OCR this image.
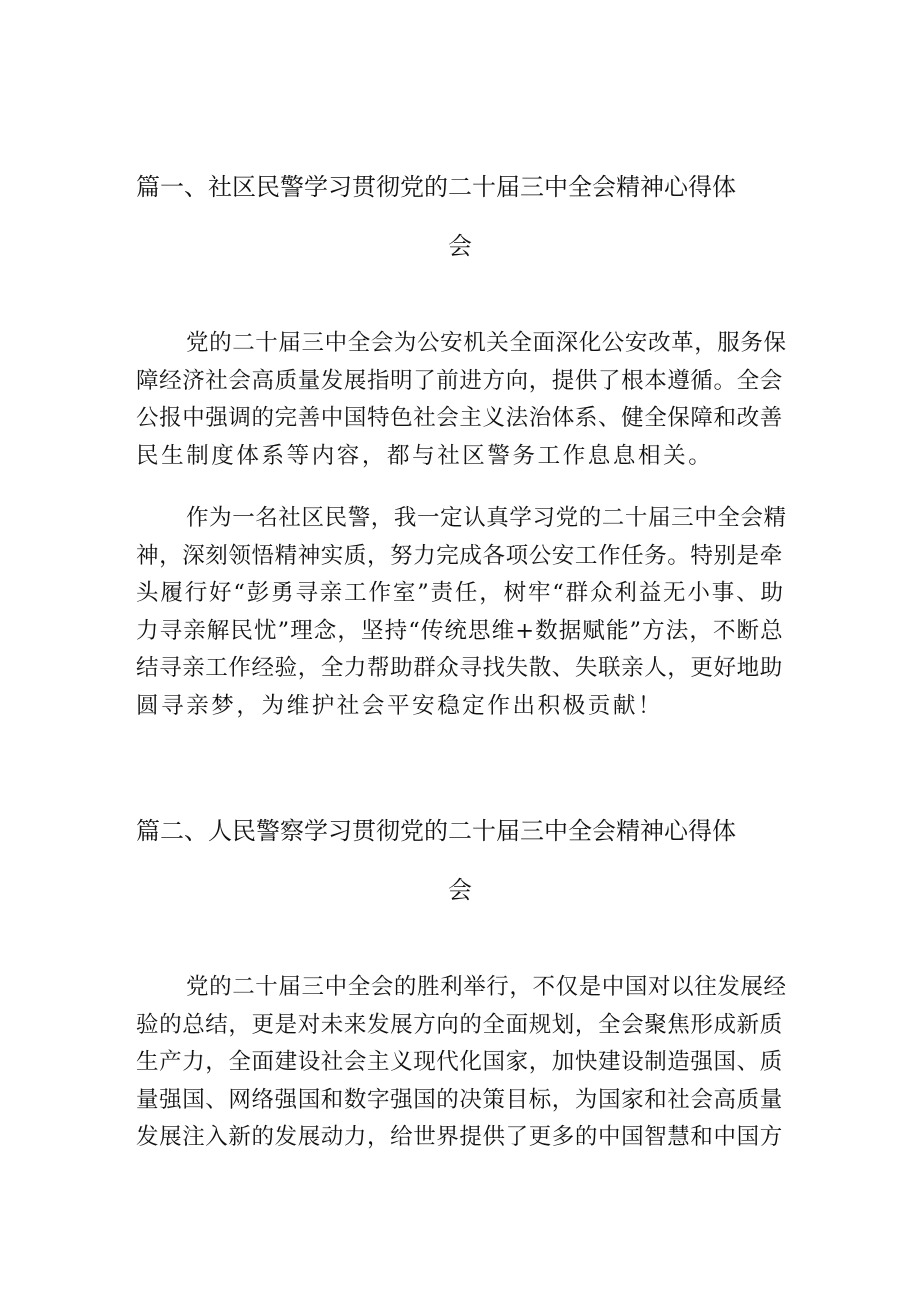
篇一、社区民警学习贯彻党的二十届三中全会精神心得体
会
党的二十届三中全会为公安机关全面深化公安改革，服务保
障经济社会高质量发展指明了前进方向，提供了根本遵循。全会
公报中强调的完善中国特色社会主义法治体系、健全保障和改善
民生制度体系等内容，都与社区警务工作息息相关。
作为一名社区民警，我一定认真学习党的二十届三中全会精
神，深刻领悟精神实质，努力完成各项公安工作任务。特别是牵
头履行好“彭勇寻亲工作室”责任，树牢“群众利益无小事、助
力寻亲解民忧”理念，坚持“传统思维+数据赋能”方法，不断总
结寻亲工作经验，全力帮助群众寻找失散、失联亲人，更好地助
圆寻亲梦，为维护社会平安稳定作出积极贡献！
篇二、人民警察学习贯彻党的二十届三中全会精神心得体
会
党的二十届三中全会的胜利举行，不仅是中国对以往发展经
验的总结，更是对未来发展方向的全面规划，全会聚焦形成新质
生产力，全面建设社会主义现代化国家，加快建设制造强国、质
量强国、网络强国和数字强国的决策目标，为国家和社会高质量
发展注入新的发展动力，给世界提供了更多的中国智慧和中国方
